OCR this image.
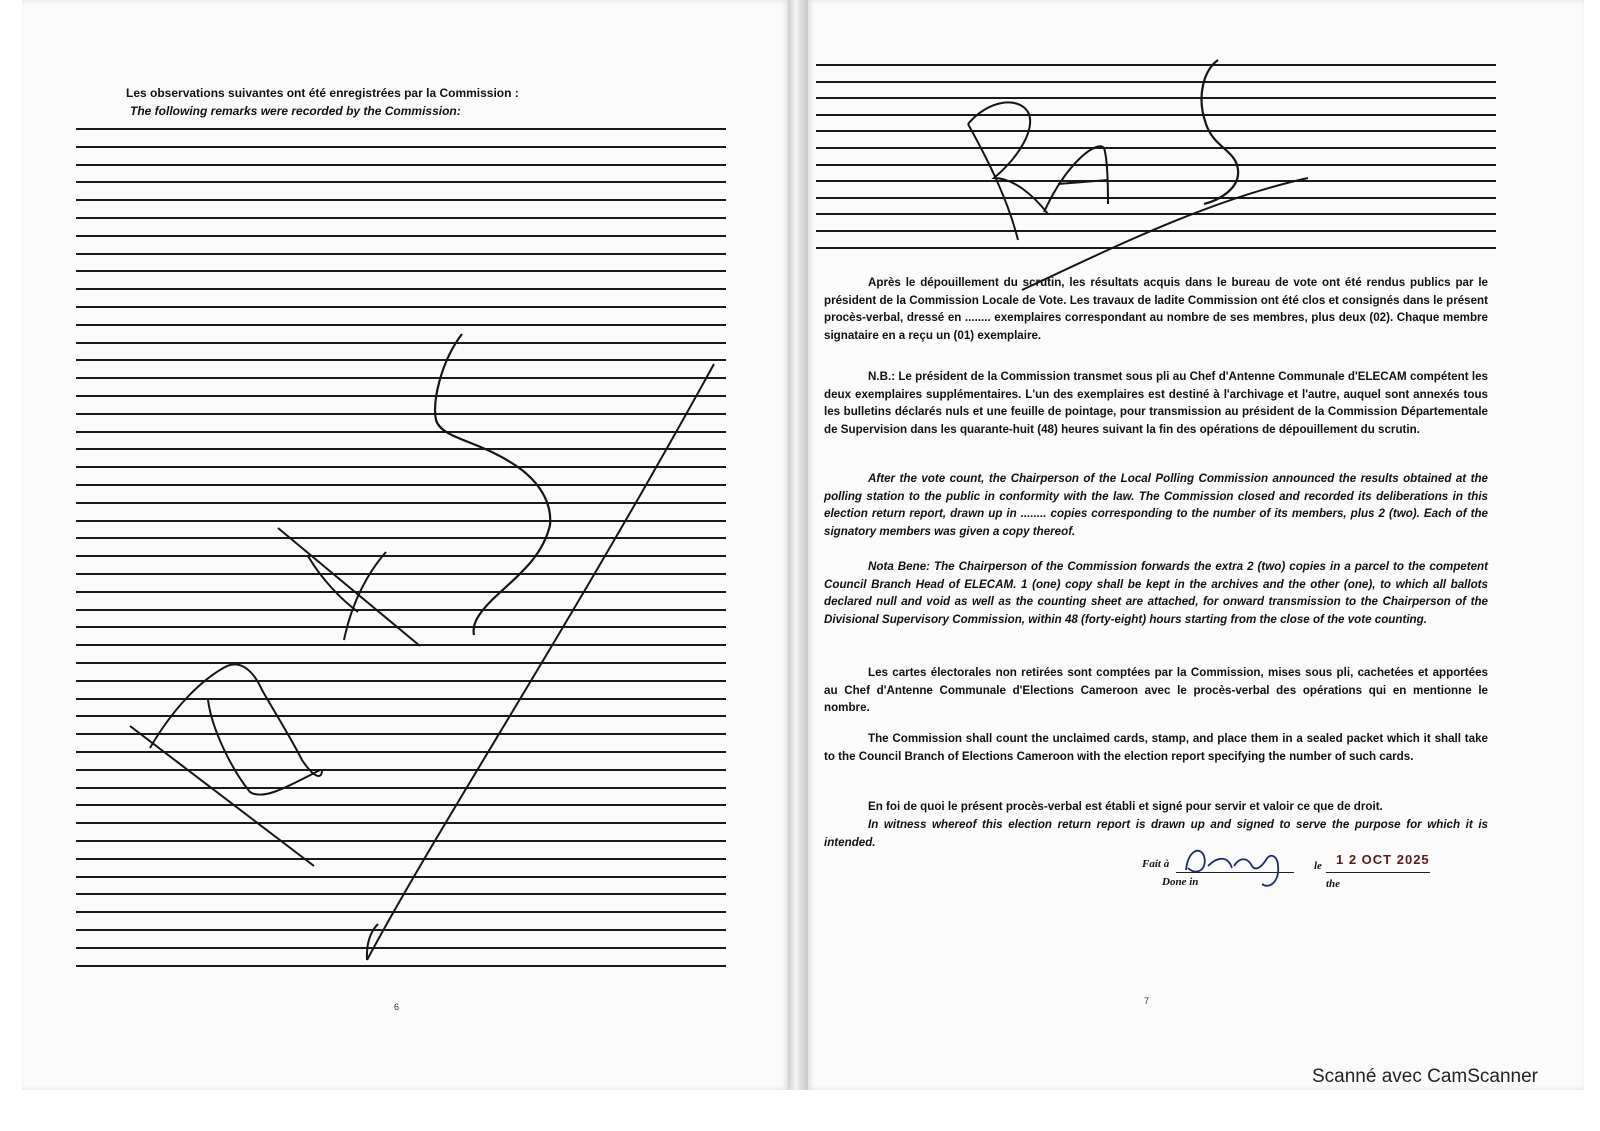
Les observations suivantes ont été enregistrées par la Commission :
The following remarks were recorded by the Commission:
6
Après le dépouillement du scrutin, les résultats acquis dans le bureau de vote ont été rendus publics par le président de la Commission Locale de Vote. Les travaux de ladite Commission ont été clos et consignés dans le présent procès-verbal, dressé en ........ exemplaires correspondant au nombre de ses membres, plus deux (02). Chaque membre signataire en a reçu un (01) exemplaire.
N.B.: Le président de la Commission transmet sous pli au Chef d'Antenne Communale d'ELECAM compétent les deux exemplaires supplémentaires. L'un des exemplaires est destiné à l'archivage et l'autre, auquel sont annexés tous les bulletins déclarés nuls et une feuille de pointage, pour transmission au président de la Commission Départementale de Supervision dans les quarante-huit (48) heures suivant la fin des opérations de dépouillement du scrutin.
After the vote count, the Chairperson of the Local Polling Commission announced the results obtained at the polling station to the public in conformity with the law. The Commission closed and recorded its deliberations in this election return report, drawn up in ........ copies corresponding to the number of its members, plus 2 (two). Each of the signatory members was given a copy thereof.
Nota Bene: The Chairperson of the Commission forwards the extra 2 (two) copies in a parcel to the competent Council Branch Head of ELECAM. 1 (one) copy shall be kept in the archives and the other (one), to which all ballots declared null and void as well as the counting sheet are attached, for onward transmission to the Chairperson of the Divisional Supervisory Commission, within 48 (forty-eight) hours starting from the close of the vote counting.
Les cartes électorales non retirées sont comptées par la Commission, mises sous pli, cachetées et apportées au Chef d'Antenne Communale d'Elections Cameroon avec le procès-verbal des opérations qui en mentionne le nombre.
The Commission shall count the unclaimed cards, stamp, and place them in a sealed packet which it shall take to the Council Branch of Elections Cameroon with the election report specifying the number of such cards.
En foi de quoi le présent procès-verbal est établi et signé pour servir et valoir ce que de droit.
In witness whereof this election return report is drawn up and signed to serve the purpose for which it is intended.
Fait à
Done in
le
the
1 2 OCT 2025
7
Scanné avec CamScanner
